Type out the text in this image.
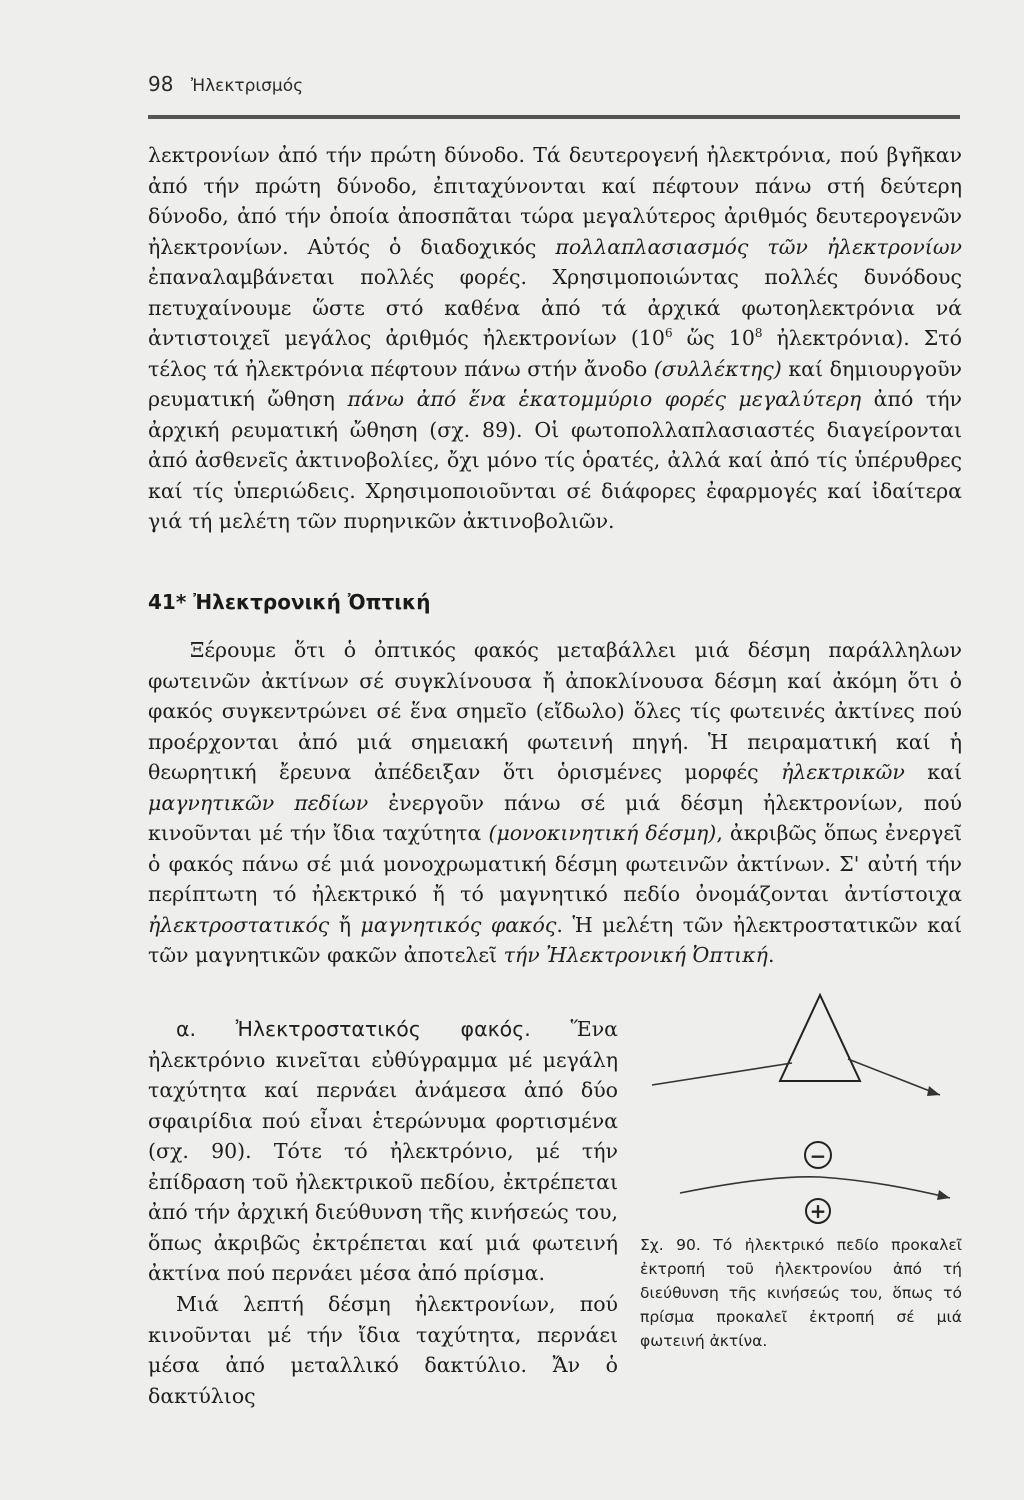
98 Ἠλεκτρισμός
λεκτρονίων ἀπό τήν πρώτη δύνοδο. Τά δευτερογενή ἠλεκτρόνια, πού βγῆκαν ἀπό τήν πρώτη δύνοδο, ἐπιταχύνονται καί πέφτουν πάνω στή δεύτερη δύνοδο, ἀπό τήν ὁποία ἀποσπᾶται τώρα μεγαλύτερος ἀριθμός δευτερογενῶν ἠλεκτρονίων. Αὐτός ὁ διαδοχικός πολλαπλασιασμός τῶν ἠλεκτρονίων ἐπαναλαμβάνεται πολλές φορές. Χρησιμοποιώντας πολλές δυνόδους πετυχαίνουμε ὥστε στό καθένα ἀπό τά ἀρχικά φωτοηλεκτρόνια νά ἀντιστοιχεῖ μεγάλος ἀριθμός ἠλεκτρονίων ($10^6$ ὥς $10^8$ ἠλεκτρόνια). Στό τέλος τά ἠλεκτρόνια πέφτουν πάνω στήν ἄνοδο (συλλέκτης) καί δημιουργοῦν ρευματική ὤθηση πάνω ἀπό ἕνα ἑκατομμύριο φορές μεγαλύτερη ἀπό τήν ἀρχική ρευματική ὤθηση (σχ. 89). Οἱ φωτοπολλαπλασιαστές διαγείρονται ἀπό ἀσθενεῖς ἀκτινοβολίες, ὄχι μόνο τίς ὁρατές, ἀλλά καί ἀπό τίς ὑπέρυθρες καί τίς ὑπεριώδεις. Χρησιμοποιοῦνται σέ διάφορες ἐφαρμογές καί ἰδαίτερα γιά τή μελέτη τῶν πυρηνικῶν ἀκτινοβολιῶν.
41* Ἠλεκτρονική Ὀπτική
Ξέρουμε ὅτι ὁ ὀπτικός φακός μεταβάλλει μιά δέσμη παράλληλων φωτεινῶν ἀκτίνων σέ συγκλίνουσα ἤ ἀποκλίνουσα δέσμη καί ἀκόμη ὅτι ὁ φακός συγκεντρώνει σέ ἕνα σημεῖο (εἴδωλο) ὅλες τίς φωτεινές ἀκτίνες πού προέρχονται ἀπό μιά σημειακή φωτεινή πηγή. Ἡ πειραματική καί ἡ θεωρητική ἔρευνα ἀπέδειξαν ὅτι ὁρισμένες μορφές ἠλεκτρικῶν καί μαγνητικῶν πεδίων ἐνεργοῦν πάνω σέ μιά δέσμη ἠλεκτρονίων, πού κινοῦνται μέ τήν ἴδια ταχύτητα (μονοκινητική δέσμη), ἀκριβῶς ὅπως ἐνεργεῖ ὁ φακός πάνω σέ μιά μονοχρωματική δέσμη φωτεινῶν ἀκτίνων. Σ' αὐτή τήν περίπτωτη τό ἠλεκτρικό ἤ τό μαγνητικό πεδίο ὀνομάζονται ἀντίστοιχα ἠλεκτροστατικός ἤ μαγνητικός φακός. Ἡ μελέτη τῶν ἠλεκτροστατικῶν καί τῶν μαγνητικῶν φακῶν ἀποτελεῖ τήν Ἠλεκτρονική Ὀπτική.
α. Ἠλεκτροστατικός φακός. Ἕνα ἠλεκτρόνιο κινεῖται εὐθύγραμμα μέ μεγάλη ταχύτητα καί περνάει ἀνάμεσα ἀπό δύο σφαιρίδια πού εἶναι ἑτερώνυμα φορτισμένα (σχ. 90). Τότε τό ἠλεκτρόνιο, μέ τήν ἐπίδραση τοῦ ἠλεκτρικοῦ πεδίου, ἐκτρέπεται ἀπό τήν ἀρχική διεύθυνση τῆς κινήσεώς του, ὅπως ἀκριβῶς ἐκτρέπεται καί μιά φωτεινή ἀκτίνα πού περνάει μέσα ἀπό πρίσμα.
Μιά λεπτή δέσμη ἠλεκτρονίων, πού κινοῦνται μέ τήν ἴδια ταχύτητα, περνάει μέσα ἀπό μεταλλικό δακτύλιο. Ἄν ὁ δακτύλιος
−
+
Σχ. 90. Τό ἠλεκτρικό πεδίο προκαλεῖ ἐκτροπή τοῦ ἠλεκτρονίου ἀπό τή διεύθυνση τῆς κινήσεώς του, ὅπως τό πρίσμα προκαλεῖ ἐκτροπή σέ μιά φωτεινή ἀκτίνα.
